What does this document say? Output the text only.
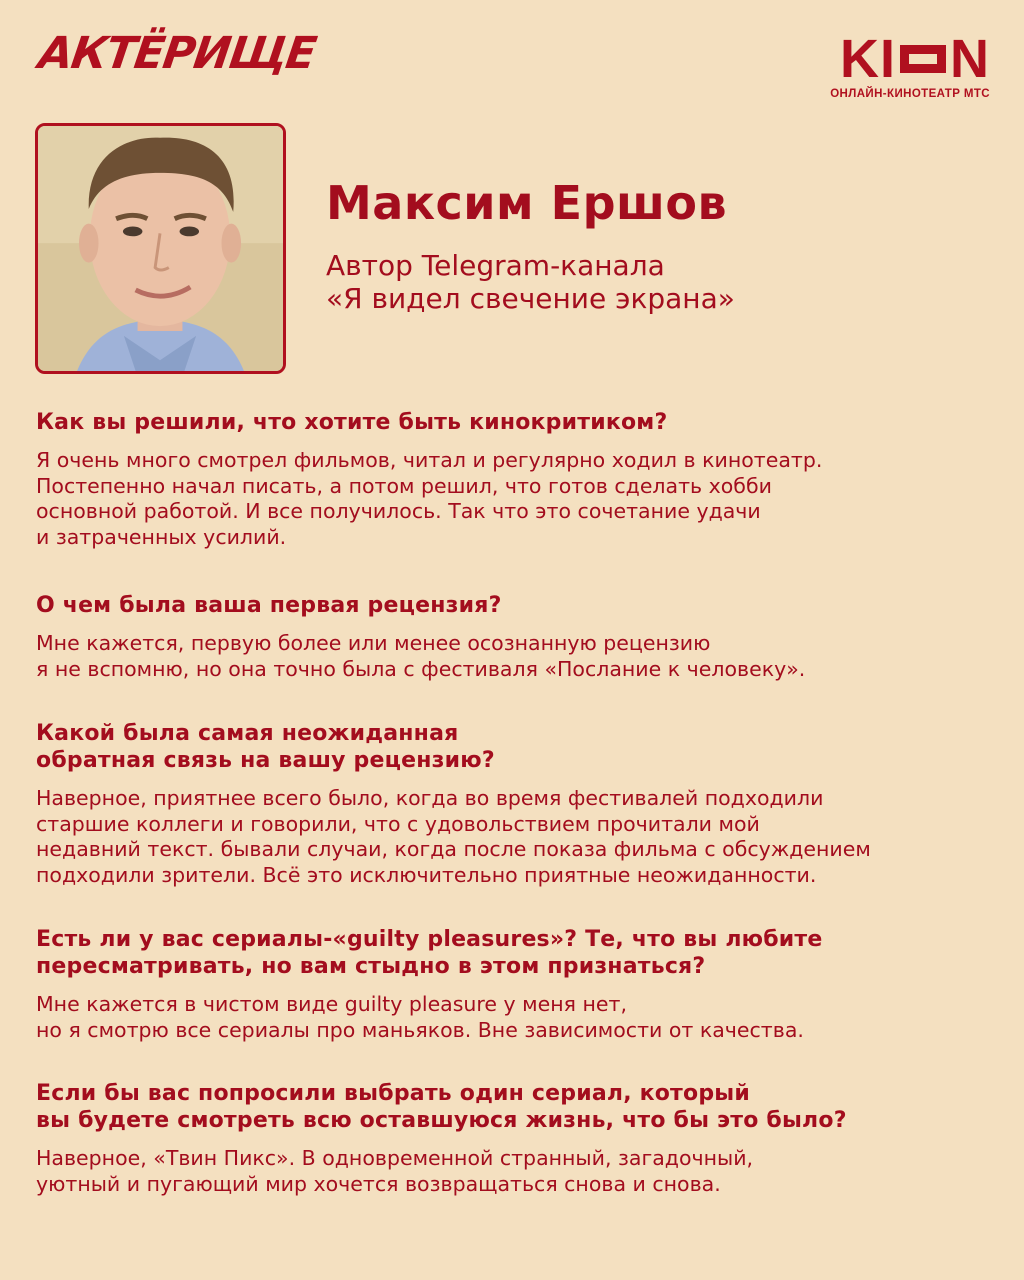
АКТЁРИЩЕ	K I N
ОНЛАЙН-КИНОТЕАТР МТС
Максим Ершов
Автор Telegram-канала
«Я видел свечение экрана»
Как вы решили, что хотите быть кинокритиком?
Я очень много смотрел фильмов, читал и регулярно ходил в кинотеатр.
Постепенно начал писать, а потом решил, что готов сделать хобби
основной работой. И все получилось. Так что это сочетание удачи
и затраченных усилий.
О чем была ваша первая рецензия?
Мне кажется, первую более или менее осознанную рецензию
я не вспомню, но она точно была с фестиваля «Послание к человеку».
Какой была самая неожиданная
обратная связь на вашу рецензию?
Наверное, приятнее всего было, когда во время фестивалей подходили
старшие коллеги и говорили, что с удовольствием прочитали мой
недавний текст. бывали случаи, когда после показа фильма с обсуждением
подходили зрители. Всё это исключительно приятные неожиданности.
Есть ли у вас сериалы-«guilty pleasures»? Те, что вы любите
пересматривать, но вам стыдно в этом признаться?
Мне кажется в чистом виде guilty pleasure у меня нет,
но я смотрю все сериалы про маньяков. Вне зависимости от качества.
Если бы вас попросили выбрать один сериал, который
вы будете смотреть всю оставшуюся жизнь, что бы это было?
Наверное, «Твин Пикс». В одновременной странный, загадочный,
уютный и пугающий мир хочется возвращаться снова и снова.
